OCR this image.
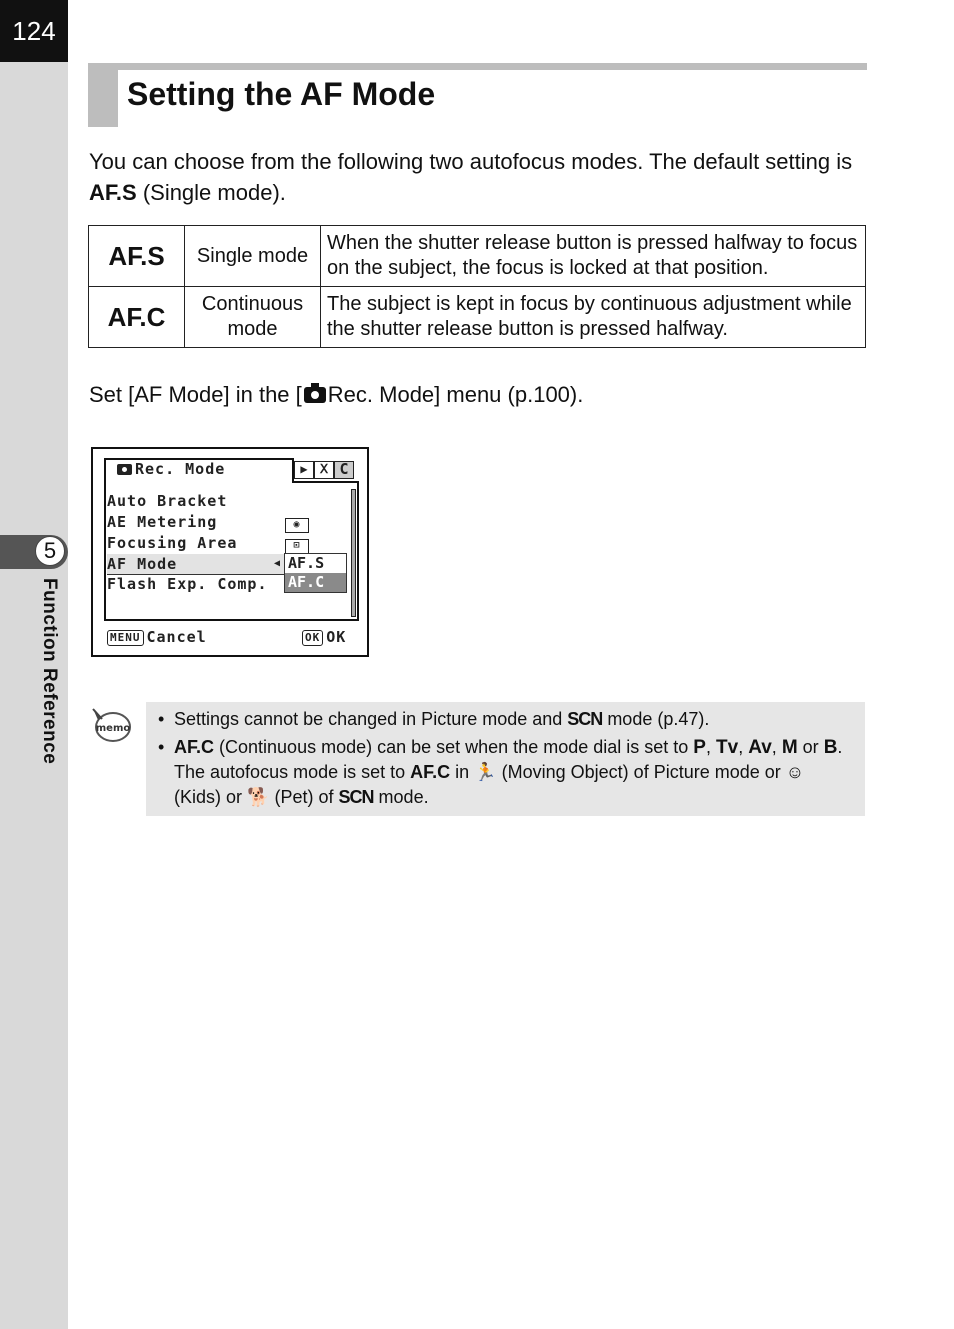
124
5
Function Reference
Setting the AF Mode

You can choose from the following two autofocus modes. The default setting is AF.S (Single mode).

AF.S	Single mode	When the shutter release button is pressed halfway to focus on the subject, the focus is locked at that position.
AF.C	Continuous mode	The subject is kept in focus by continuous adjustment while the shutter release button is pressed halfway.

Set [AF Mode] in the [ Rec. Mode] menu (p.100).

Rec. Mode	▶	Ⅹ C
Auto Bracket
AE Metering	◉
Focusing Area	⊡
AF Mode
Flash Exp. Comp.
◀ AF.S
AF.C
MENU Cancel	OK OK
memo	• Settings cannot be changed in Picture mode and SCN mode (p.47).
• AF.C (Continuous mode) can be set when the mode dial is set to P, Tv, Av, M or B. The autofocus mode is set to AF.C in 🏃 (Moving Object) of Picture mode or ☺ (Kids) or 🐕 (Pet) of SCN mode.
